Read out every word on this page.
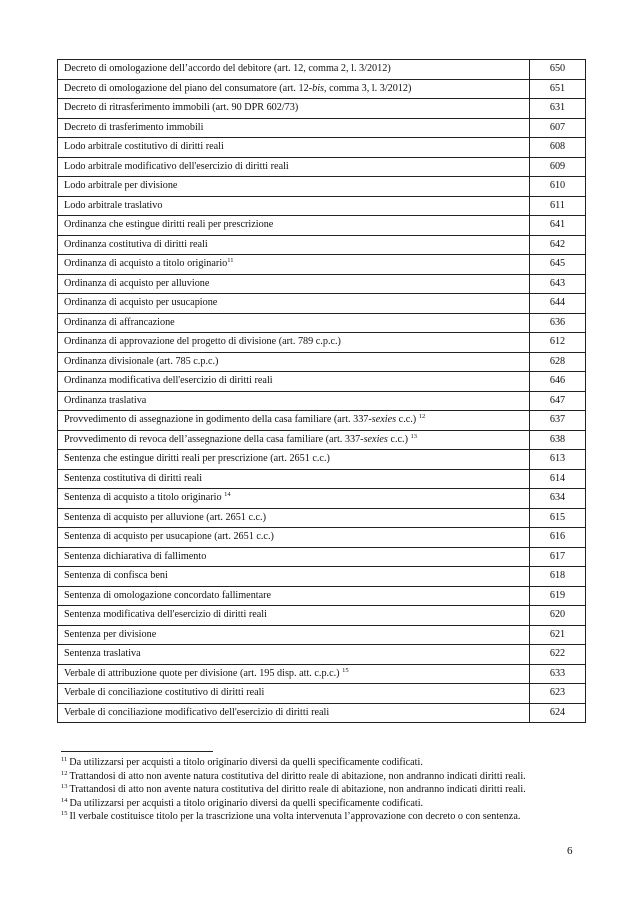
Decreto di omologazione dell’accordo del debitore (art. 12, comma 2, l. 3/2012)	650
Decreto di omologazione del piano del consumatore (art. 12-bis, comma 3, l. 3/2012)	651
Decreto di ritrasferimento immobili (art. 90 DPR 602/73)	631
Decreto di trasferimento immobili	607
Lodo arbitrale costitutivo di diritti reali	608
Lodo arbitrale modificativo dell'esercizio di diritti reali	609
Lodo arbitrale per divisione	610
Lodo arbitrale traslativo	611
Ordinanza che estingue diritti reali per prescrizione	641
Ordinanza costitutiva di diritti reali	642
Ordinanza di acquisto a titolo originario$^{11}$	645
Ordinanza di acquisto per alluvione	643
Ordinanza di acquisto per usucapione	644
Ordinanza di affrancazione	636
Ordinanza di approvazione del progetto di divisione (art. 789 c.p.c.)	612
Ordinanza divisionale (art. 785 c.p.c.)	628
Ordinanza modificativa dell'esercizio di diritti reali	646
Ordinanza traslativa	647
Provvedimento di assegnazione in godimento della casa familiare (art. 337-sexies c.c.) $^{12}$	637
Provvedimento di revoca dell’assegnazione della casa familiare (art. 337-sexies c.c.) $^{13}$	638
Sentenza che estingue diritti reali per prescrizione (art. 2651 c.c.)	613
Sentenza costitutiva di diritti reali	614
Sentenza di acquisto a titolo originario $^{14}$	634
Sentenza di acquisto per alluvione (art. 2651 c.c.)	615
Sentenza di acquisto per usucapione (art. 2651 c.c.)	616
Sentenza dichiarativa di fallimento	617
Sentenza di confisca beni	618
Sentenza di omologazione concordato fallimentare	619
Sentenza modificativa dell'esercizio di diritti reali	620
Sentenza per divisione	621
Sentenza traslativa	622
Verbale di attribuzione quote per divisione (art. 195 disp. att. c.p.c.) $^{15}$	633
Verbale di conciliazione costitutivo di diritti reali	623
Verbale di conciliazione modificativo dell'esercizio di diritti reali	624
$^{11}$ Da utilizzarsi per acquisti a titolo originario diversi da quelli specificamente codificati.
$^{12}$ Trattandosi di atto non avente natura costitutiva del diritto reale di abitazione, non andranno indicati diritti reali.
$^{13}$ Trattandosi di atto non avente natura costitutiva del diritto reale di abitazione, non andranno indicati diritti reali.
$^{14}$ Da utilizzarsi per acquisti a titolo originario diversi da quelli specificamente codificati.
$^{15}$ Il verbale costituisce titolo per la trascrizione una volta intervenuta l’approvazione con decreto o con sentenza.
6
